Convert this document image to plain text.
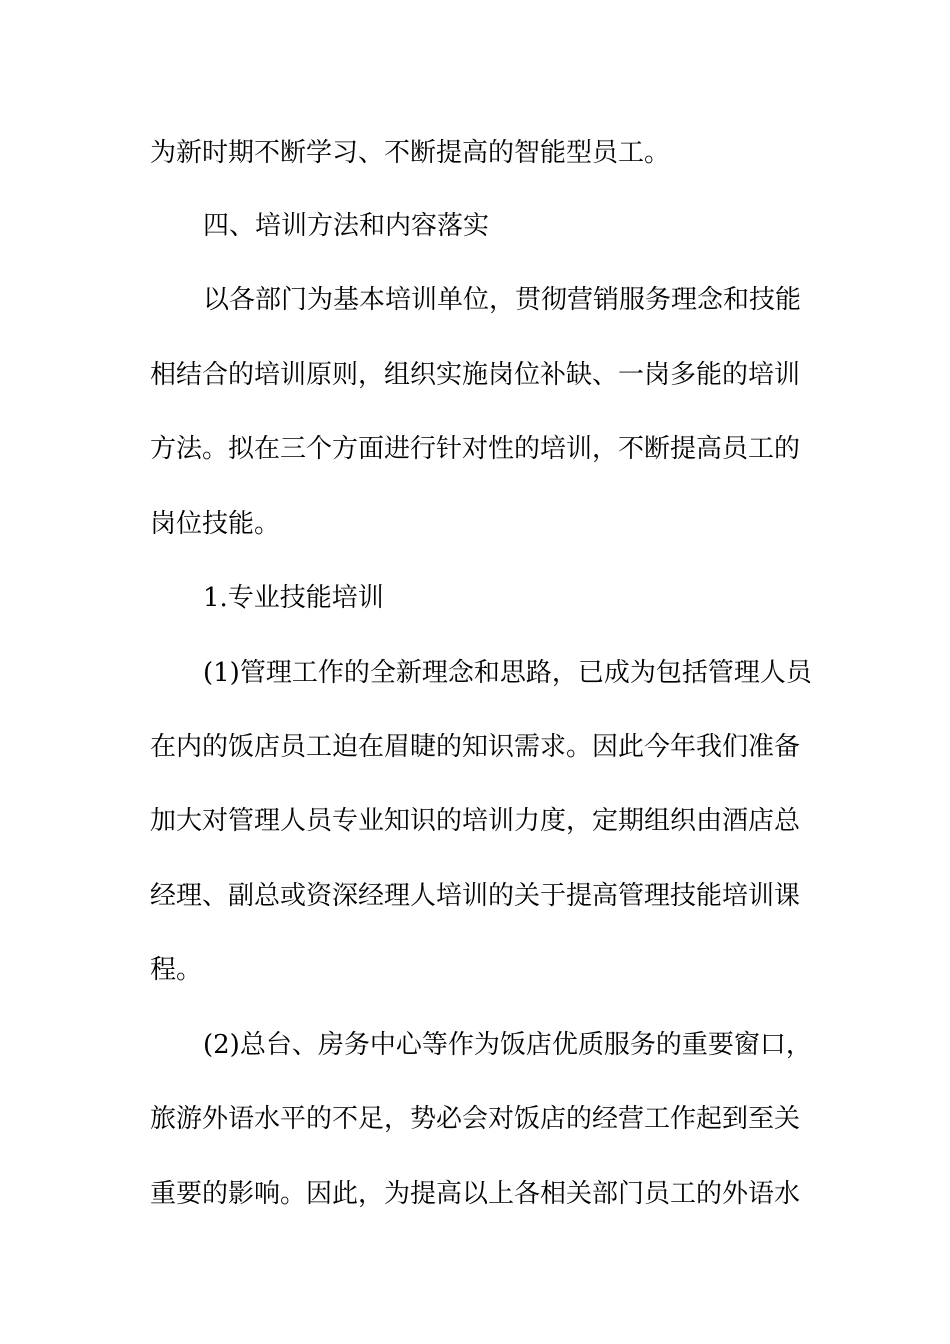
为新时期不断学习、不断提高的智能型员工。

四、培训方法和内容落实

以各部门为基本培训单位，贯彻营销服务理念和技能

相结合的培训原则，组织实施岗位补缺、一岗多能的培训

方法。拟在三个方面进行针对性的培训，不断提高员工的

岗位技能。

1.专业技能培训

(1)管理工作的全新理念和思路，已成为包括管理人员

在内的饭店员工迫在眉睫的知识需求。因此今年我们准备

加大对管理人员专业知识的培训力度，定期组织由酒店总

经理、副总或资深经理人培训的关于提高管理技能培训课

程。

(2)总台、房务中心等作为饭店优质服务的重要窗口，

旅游外语水平的不足，势必会对饭店的经营工作起到至关

重要的影响。因此，为提高以上各相关部门员工的外语水
